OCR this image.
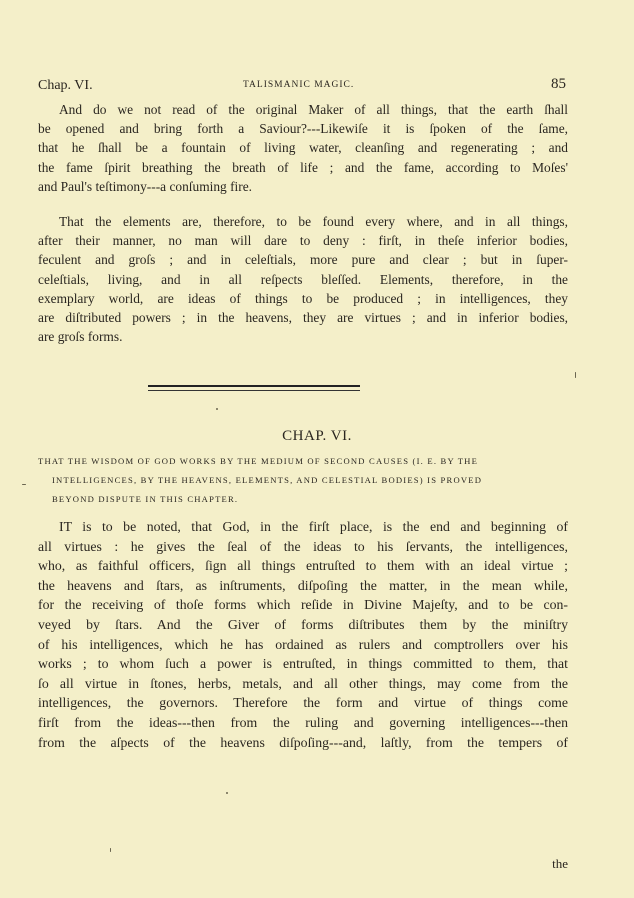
Chap. VI.	TALISMANIC MAGIC.	85

And do we not read of the original Maker of all things, that the earth ſhall
be opened and bring forth a Saviour?---Likewiſe it is ſpoken of the ſame,
that he ſhall be a fountain of living water, cleanſing and regenerating ; and
the fame ſpirit breathing the breath of life ; and the fame, according to Moſes'
and Paul's teſtimony---a conſuming fire.

That the elements are, therefore, to be found every where, and in all things,
after their manner, no man will dare to deny : firſt, in theſe inferior bodies,
feculent and groſs ; and in celeſtials, more pure and clear ; but in ſuper-
celeſtials, living, and in all reſpects bleſſed. Elements, therefore, in the
exemplary world, are ideas of things to be produced ; in intelligences, they
are diſtributed powers ; in the heavens, they are virtues ; and in inferior bodies,
are groſs forms.

CHAP. VI.
THAT THE WISDOM OF GOD WORKS BY THE MEDIUM OF SECOND CAUSES (I. E. BY THE
INTELLIGENCES, BY THE HEAVENS, ELEMENTS, AND CELESTIAL BODIES) IS PROVED
BEYOND DISPUTE IN THIS CHAPTER.

IT is to be noted, that God, in the firſt place, is the end and beginning of
all virtues : he gives the ſeal of the ideas to his ſervants, the intelligences,
who, as faithful officers, ſign all things entruſted to them with an ideal virtue ;
the heavens and ſtars, as inſtruments, diſpoſing the matter, in the mean while,
for the receiving of thoſe forms which reſide in Divine Majeſty, and to be con-
veyed by ſtars. And the Giver of forms diſtributes them by the miniſtry
of his intelligences, which he has ordained as rulers and comptrollers over his
works ; to whom ſuch a power is entruſted, in things committed to them, that
ſo all virtue in ſtones, herbs, metals, and all other things, may come from the
intelligences, the governors. Therefore the form and virtue of things come
firſt from the ideas---then from the ruling and governing intelligences---then
from the aſpects of the heavens diſpoſing---and, laſtly, from the tempers of

the
